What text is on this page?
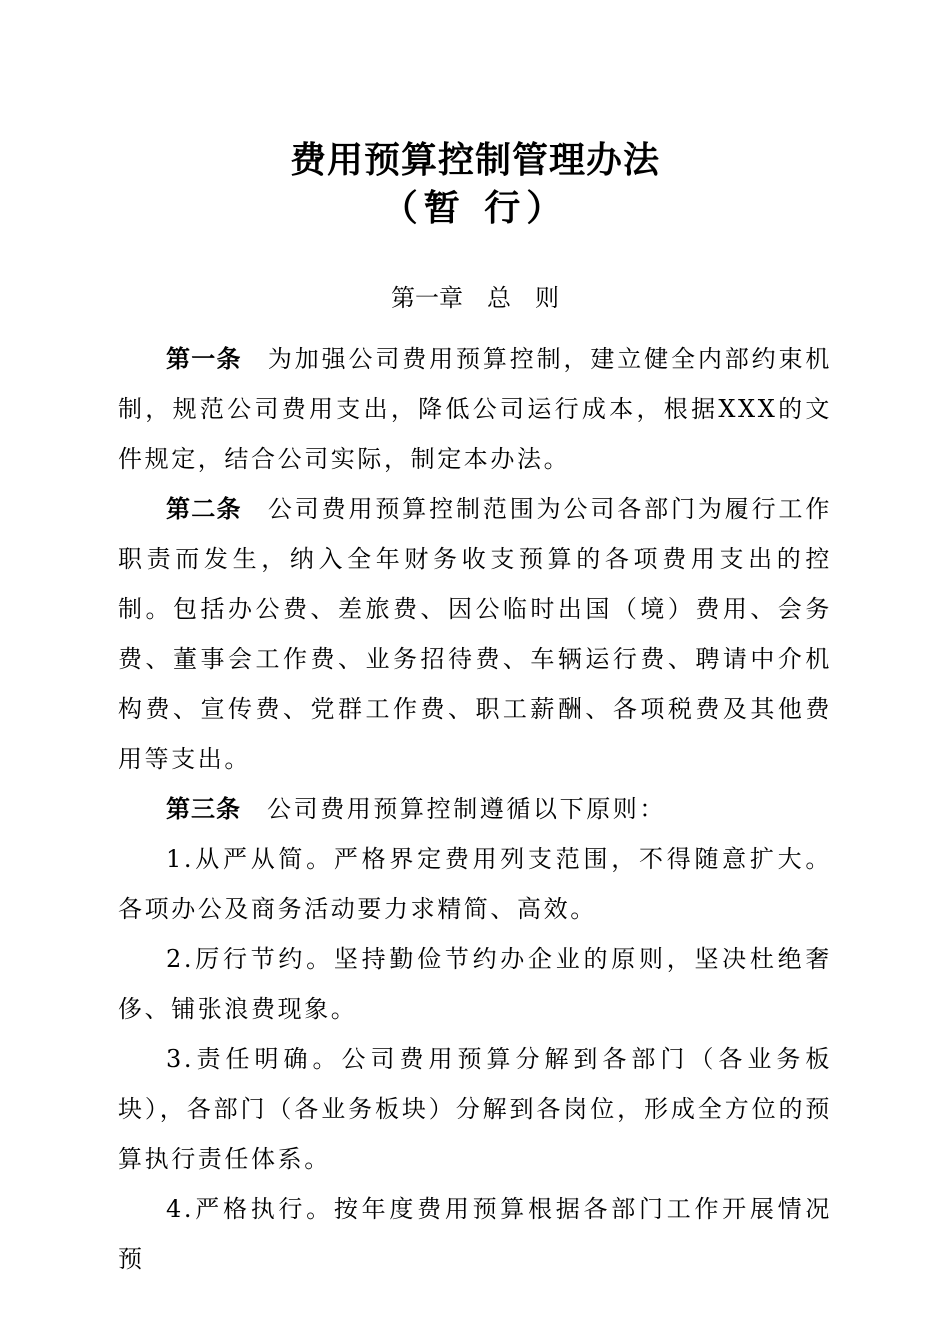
费用预算控制管理办法
（暂 行）
第一章　总　则

第一条 为加强公司费用预算控制，建立健全内部约束机制，规范公司费用支出，降低公司运行成本，根据XXX的文件规定，结合公司实际，制定本办法。

第二条 公司费用预算控制范围为公司各部门为履行工作职责而发生，纳入全年财务收支预算的各项费用支出的控制。包括办公费、差旅费、因公临时出国（境）费用、会务费、董事会工作费、业务招待费、车辆运行费、聘请中介机构费、宣传费、党群工作费、职工薪酬、各项税费及其他费用等支出。

第三条 公司费用预算控制遵循以下原则：

1.从严从简。严格界定费用列支范围，不得随意扩大。各项办公及商务活动要力求精简、高效。

2.厉行节约。坚持勤俭节约办企业的原则，坚决杜绝奢侈、铺张浪费现象。

3.责任明确。公司费用预算分解到各部门（各业务板块），各部门（各业务板块）分解到各岗位，形成全方位的预算执行责任体系。

4.严格执行。按年度费用预算根据各部门工作开展情况预
